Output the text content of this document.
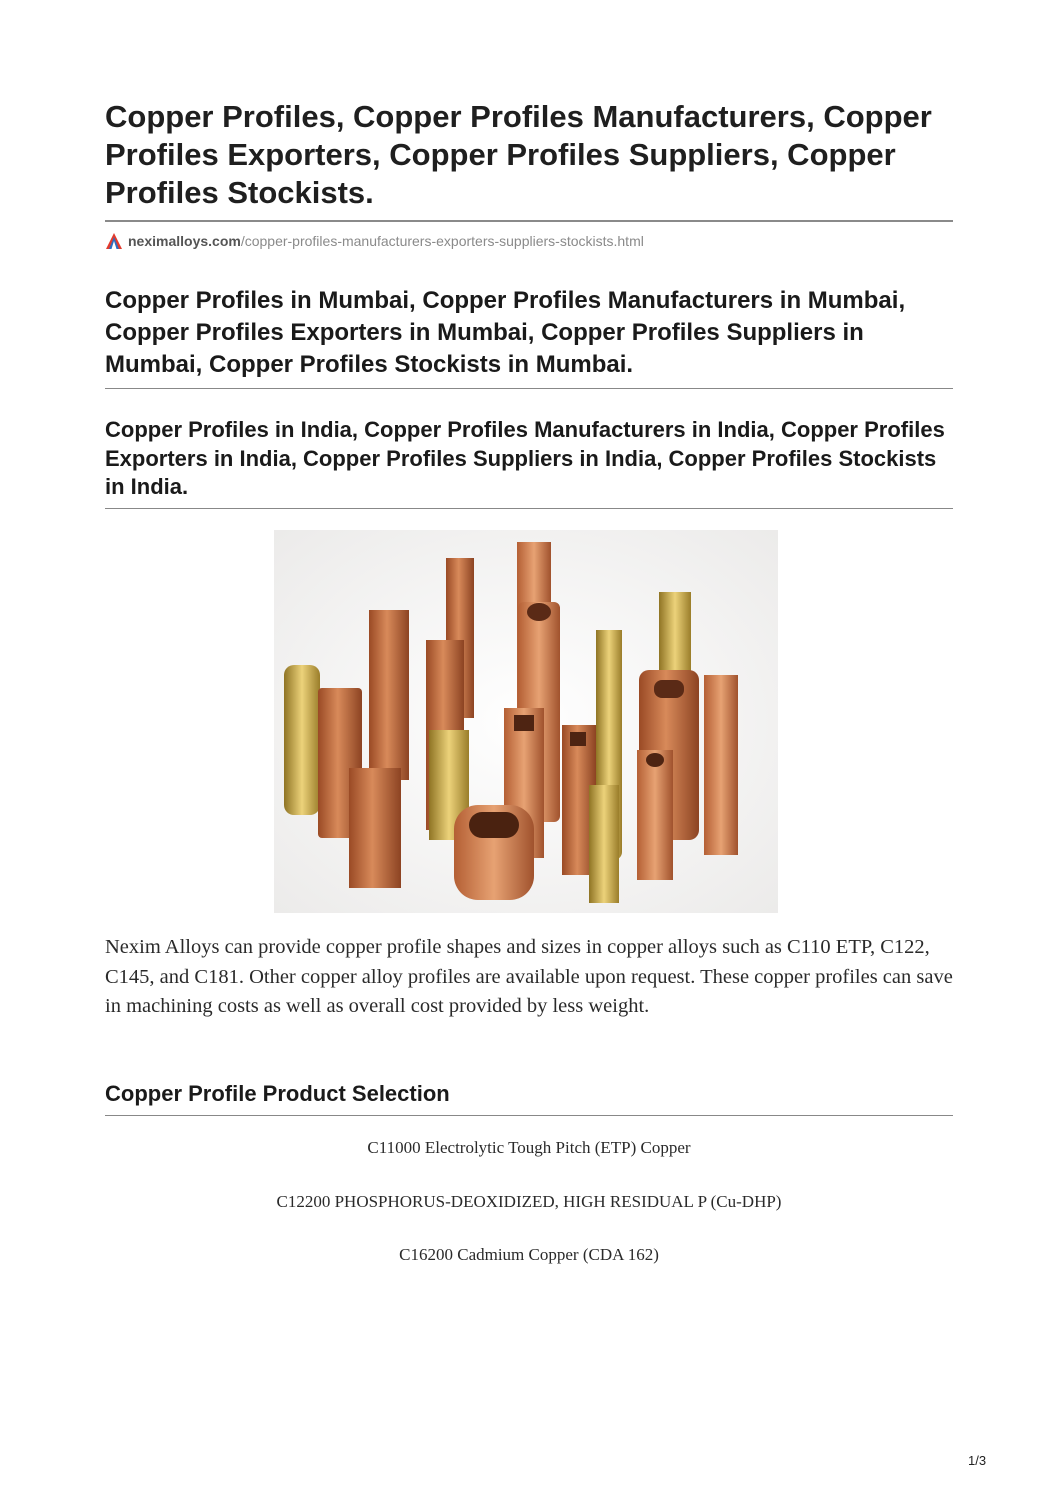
Copper Profiles, Copper Profiles Manufacturers, Copper Profiles Exporters, Copper Profiles Suppliers, Copper Profiles Stockists.
neximalloys.com /copper-profiles-manufacturers-exporters-suppliers-stockists.html
Copper Profiles in Mumbai, Copper Profiles Manufacturers in Mumbai, Copper Profiles Exporters in Mumbai, Copper Profiles Suppliers in Mumbai, Copper Profiles Stockists in Mumbai.
Copper Profiles in India, Copper Profiles Manufacturers in India, Copper Profiles Exporters in India, Copper Profiles Suppliers in India, Copper Profiles Stockists in India.

Nexim Alloys can provide copper profile shapes and sizes in copper alloys such as C110 ETP, C122, C145, and C181. Other copper alloy profiles are available upon request. These copper profiles can save in machining costs as well as overall cost provided by less weight.

Copper Profile Product Selection
C11000 Electrolytic Tough Pitch (ETP) Copper
C12200 PHOSPHORUS-DEOXIDIZED, HIGH RESIDUAL P (Cu-DHP)
C16200 Cadmium Copper (CDA 162)
1/3
